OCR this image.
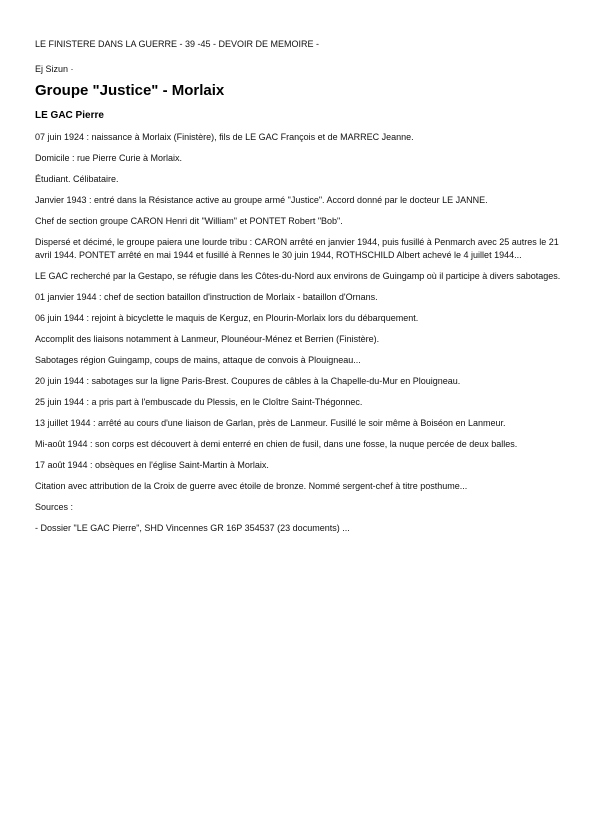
LE FINISTERE DANS LA GUERRE - 39 -45 - DEVOIR DE MEMOIRE -

Ej Sizun ·

Groupe "Justice" - Morlaix
LE GAC Pierre

07 juin 1924 : naissance à Morlaix (Finistère), fils de LE GAC François et de MARREC Jeanne.

Domicile : rue Pierre Curie à Morlaix.

Étudiant. Célibataire.

Janvier 1943 : entré dans la Résistance active au groupe armé "Justice". Accord donné par le docteur LE JANNE.

Chef de section groupe CARON Henri dit "William" et PONTET Robert "Bob".

Dispersé et décimé, le groupe paiera une lourde tribu : CARON arrêté en janvier 1944, puis fusillé à Penmarch avec 25 autres le 21 avril 1944. PONTET arrêté en mai 1944 et fusillé à Rennes le 30 juin 1944, ROTHSCHILD Albert achevé le 4 juillet 1944...

LE GAC recherché par la Gestapo, se réfugie dans les Côtes-du-Nord aux environs de Guingamp où il participe à divers sabotages.

01 janvier 1944 : chef de section bataillon d'instruction de Morlaix - bataillon d'Ornans.

06 juin 1944 : rejoint à bicyclette le maquis de Kerguz, en Plourin-Morlaix lors du débarquement.

Accomplit des liaisons notamment à Lanmeur, Plounéour-Ménez et Berrien (Finistère).

Sabotages région Guingamp, coups de mains, attaque de convois à Plouigneau...

20 juin 1944 : sabotages sur la ligne Paris-Brest. Coupures de câbles à la Chapelle-du-Mur en Plouigneau.

25 juin 1944 : a pris part à l'embuscade du Plessis, en le Cloître Saint-Thégonnec.

13 juillet 1944 : arrêté au cours d'une liaison de Garlan, près de Lanmeur. Fusillé le soir même à Boiséon en Lanmeur.

Mi-août 1944 : son corps est découvert à demi enterré en chien de fusil, dans une fosse, la nuque percée de deux balles.

17 août 1944 : obsèques en l'église Saint-Martin à Morlaix.

Citation avec attribution de la Croix de guerre avec étoile de bronze. Nommé sergent-chef à titre posthume...

Sources :

- Dossier "LE GAC Pierre", SHD Vincennes GR 16P 354537 (23 documents) ...
